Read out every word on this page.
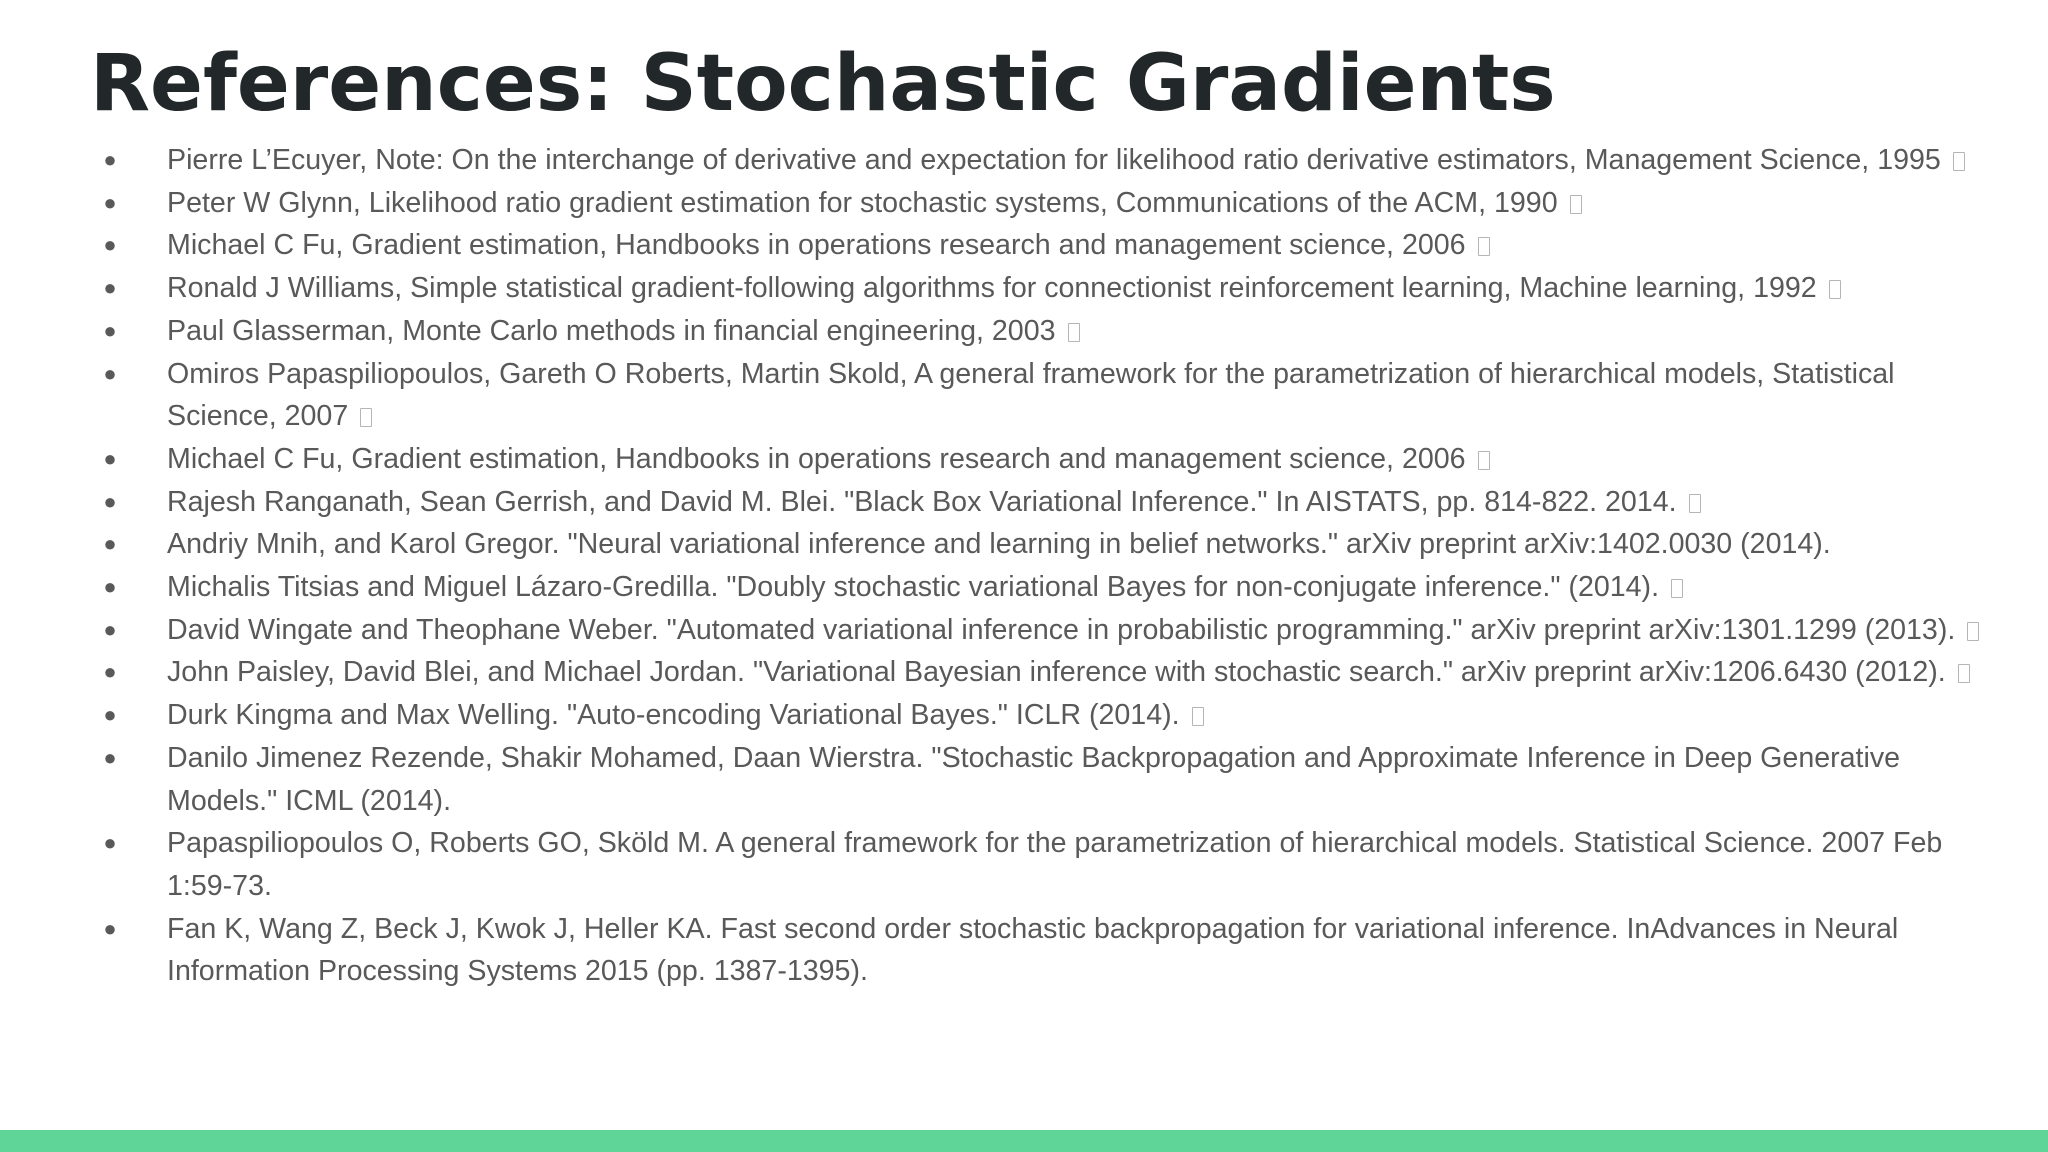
References: Stochastic Gradients
● Pierre L’Ecuyer, Note: On the interchange of derivative and expectation for likelihood ratio derivative estimators, Management Science, 1995
● Peter W Glynn, Likelihood ratio gradient estimation for stochastic systems, Communications of the ACM, 1990
● Michael C Fu, Gradient estimation, Handbooks in operations research and management science, 2006
● Ronald J Williams, Simple statistical gradient-following algorithms for connectionist reinforcement learning, Machine learning, 1992
● Paul Glasserman, Monte Carlo methods in financial engineering, 2003
● Omiros Papaspiliopoulos, Gareth O Roberts, Martin Skold, A general framework for the parametrization of hierarchical models, Statistical Science, 2007
● Michael C Fu, Gradient estimation, Handbooks in operations research and management science, 2006
● Rajesh Ranganath, Sean Gerrish, and David M. Blei. "Black Box Variational Inference." In AISTATS, pp. 814-822. 2014.
● Andriy Mnih, and Karol Gregor. "Neural variational inference and learning in belief networks." arXiv preprint arXiv:1402.0030 (2014).
● Michalis Titsias and Miguel Lázaro-Gredilla. "Doubly stochastic variational Bayes for non-conjugate inference." (2014).
● David Wingate and Theophane Weber. "Automated variational inference in probabilistic programming." arXiv preprint arXiv:1301.1299 (2013).
● John Paisley, David Blei, and Michael Jordan. "Variational Bayesian inference with stochastic search." arXiv preprint arXiv:1206.6430 (2012).
● Durk Kingma and Max Welling. "Auto-encoding Variational Bayes." ICLR (2014).
● Danilo Jimenez Rezende, Shakir Mohamed, Daan Wierstra. "Stochastic Backpropagation and Approximate Inference in Deep Generative Models." ICML (2014).
● Papaspiliopoulos O, Roberts GO, Sköld M. A general framework for the parametrization of hierarchical models. Statistical Science. 2007 Feb 1:59-73.
● Fan K, Wang Z, Beck J, Kwok J, Heller KA. Fast second order stochastic backpropagation for variational inference. InAdvances in Neural Information Processing Systems 2015 (pp. 1387-1395).
